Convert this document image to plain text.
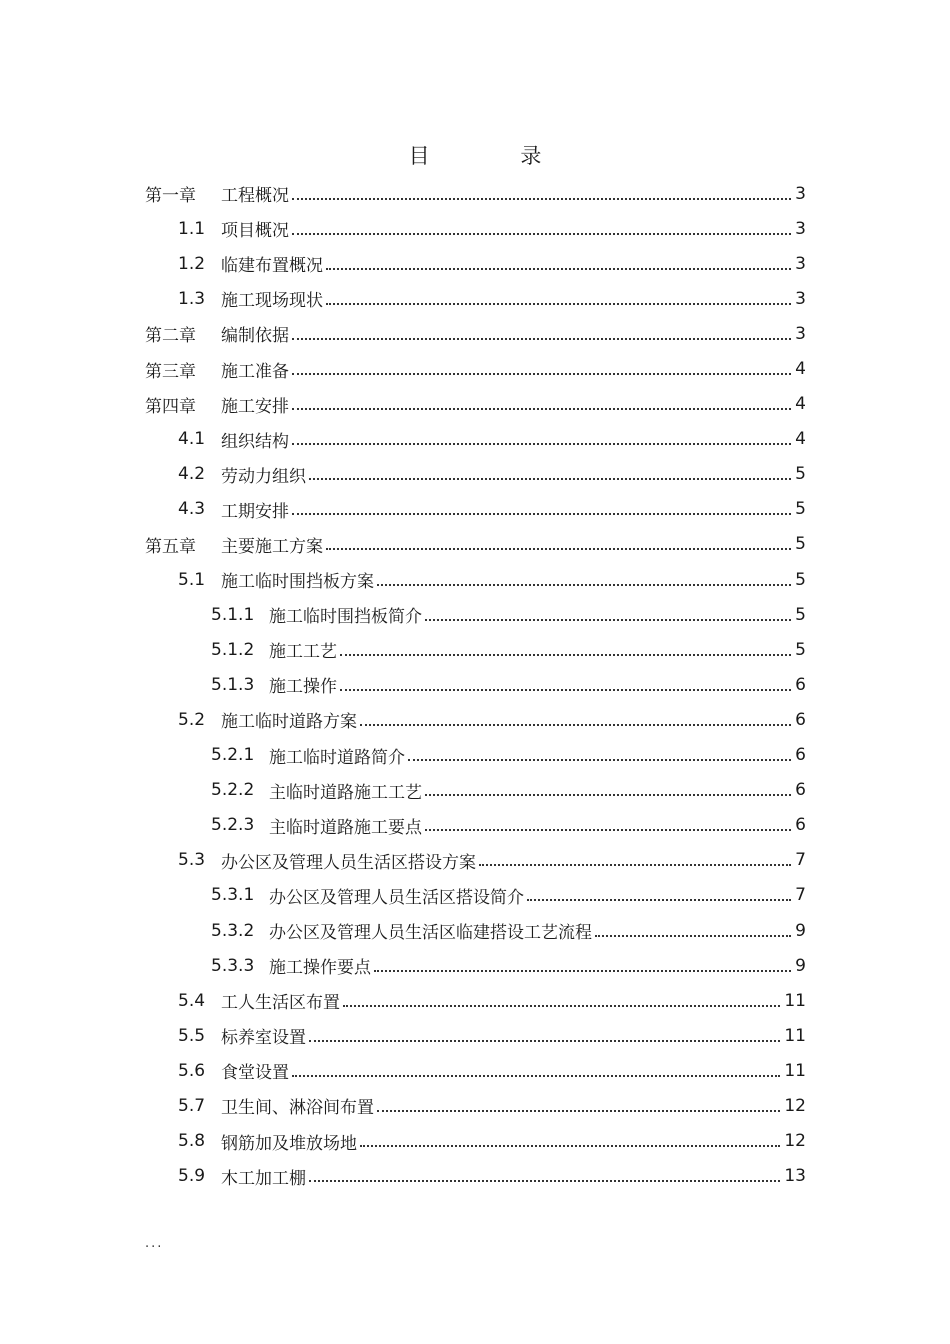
目 录
第一章	工程概况	3
1.1 项目概况	3
1.2 临建布置概况	3
1.3 施工现场现状	3
第二章	编制依据	3
第三章	施工准备	4
第四章	施工安排	4
4.1 组织结构	4
4.2 劳动力组织	5
4.3 工期安排	5
第五章	主要施工方案	5
5.1 施工临时围挡板方案	5
5.1.1 施工临时围挡板简介	5
5.1.2 施工工艺	5
5.1.3 施工操作	6
5.2 施工临时道路方案	6
5.2.1 施工临时道路简介	6
5.2.2 主临时道路施工工艺	6
5.2.3 主临时道路施工要点	6
5.3 办公区及管理人员生活区搭设方案	7
5.3.1 办公区及管理人员生活区搭设简介	7
5.3.2 办公区及管理人员生活区临建搭设工艺流程	9
5.3.3 施工操作要点	9
5.4 工人生活区布置	11
5.5 标养室设置	11
5.6 食堂设置	11
5.7 卫生间、淋浴间布置	12
5.8 钢筋加及堆放场地	12
5.9 木工加工棚	13
...
